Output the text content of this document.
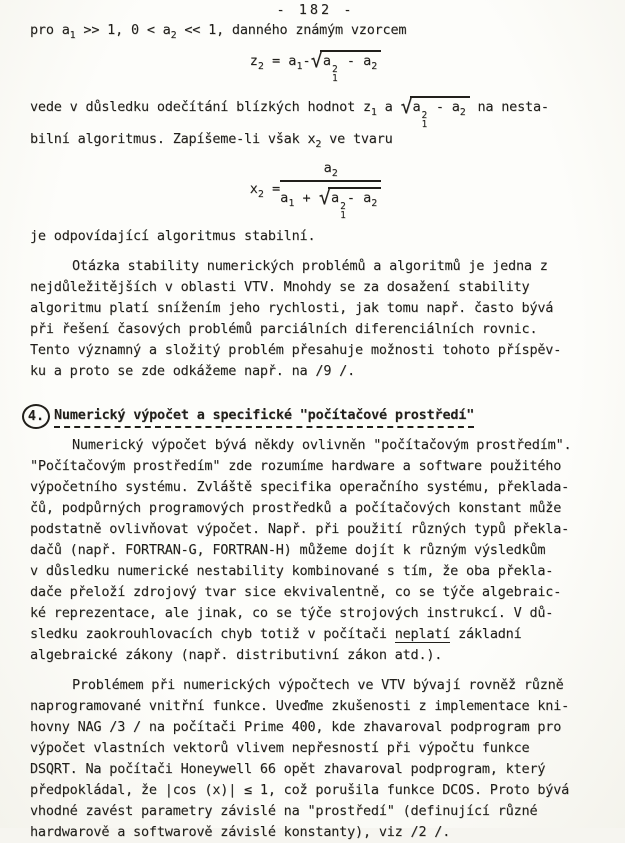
- 182 -
pro $a_1 >> 1$, $0 < a_2 << 1$, danného známým vzorcem
$z_2 = a_1-√a$
2
1
- $a_2$
vede v důsledku odečítání blízkých hodnot $z_1$ a √a
2
1
- $a_2$ na nesta-
bilní algoritmus. Zapíšeme-li však $x_2$ ve tvaru
$x_2 = a_2$
$a_1 + √a$
2
1
- $a_2$
je odpovídající algoritmus stabilní.
Otázka stability numerických problémů a algoritmů je jedna z
nejdůležitějších v oblasti VTV. Mnohdy se za dosažení stability
algoritmu platí snížením jeho rychlosti, jak tomu např. často bývá
při řešení časových problémů parciálních diferenciálních rovnic.
Tento významný a složitý problém přesahuje možnosti tohoto příspěv-
ku a proto se zde odkážeme např. na /9 /.
4. Numerický výpočet a specifické "počítačové prostředí"
Numerický výpočet bývá někdy ovlivněn "počítačovým prostředím".
"Počítačovým prostředím" zde rozumíme hardware a software použitého
výpočetního systému. Zvláště specifika operačního systému, překlada-
čů, podpůrných programových prostředků a počítačových konstant může
podstatně ovlivňovat výpočet. Např. při použití různých typů překla-
dačů (např. FORTRAN-G, FORTRAN-H) můžeme dojít k různým výsledkům
v důsledku numerické nestability kombinované s tím, že oba překla-
dače přeloží zdrojový tvar sice ekvivalentně, co se týče algebraic-
ké reprezentace, ale jinak, co se týče strojových instrukcí. V dů-
sledku zaokrouhlovacích chyb totiž v počítači neplatí základní
algebraické zákony (např. distributivní zákon atd.).
Problémem při numerických výpočtech ve VTV bývají rovněž různě
naprogramované vnitřní funkce. Uveďme zkušenosti z implementace kni-
hovny NAG /3 / na počítači Prime 400, kde zhavaroval podprogram pro
výpočet vlastních vektorů vlivem nepřesností při výpočtu funkce
DSQRT. Na počítači Honeywell 66 opět zhavaroval podprogram, který
předpokládal, že |cos (x)| ≤ 1, což porušila funkce DCOS. Proto bývá
vhodné zavést parametry závislé na "prostředí" (definující různé
hardwarově a softwarově závislé konstanty), viz /2 /.
